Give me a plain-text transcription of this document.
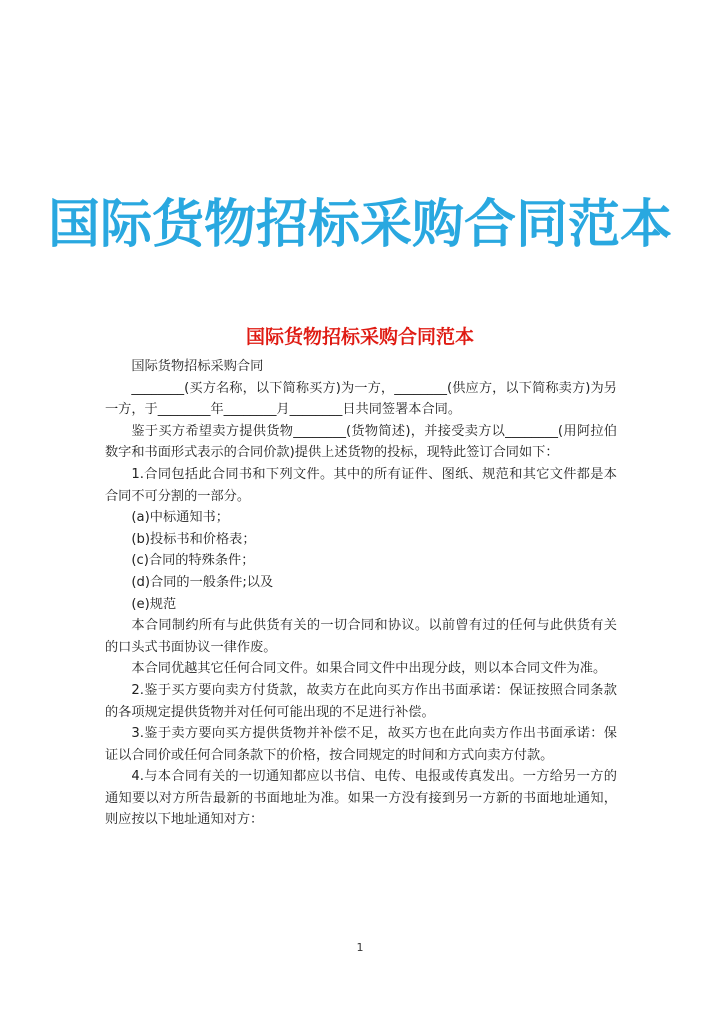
国际货物招标采购合同范本
国际货物招标采购合同范本

国际货物招标采购合同

________(买方名称，以下简称买方)为一方，________(供应方，以下简称卖方)为另一方，于________年________月________日共同签署本合同。

鉴于买方希望卖方提供货物________(货物简述)，并接受卖方以________(用阿拉伯数字和书面形式表示的合同价款)提供上述货物的投标，现特此签订合同如下：

1.合同包括此合同书和下列文件。其中的所有证件、图纸、规范和其它文件都是本合同不可分割的一部分。

(a)中标通知书；

(b)投标书和价格表；

(c)合同的特殊条件；

(d)合同的一般条件;以及

(e)规范

本合同制约所有与此供货有关的一切合同和协议。以前曾有过的任何与此供货有关的口头式书面协议一律作废。

本合同优越其它任何合同文件。如果合同文件中出现分歧，则以本合同文件为准。

2.鉴于买方要向卖方付货款，故卖方在此向买方作出书面承诺：保证按照合同条款的各项规定提供货物并对任何可能出现的不足进行补偿。

3.鉴于卖方要向买方提供货物并补偿不足，故买方也在此向卖方作出书面承诺：保证以合同价或任何合同条款下的价格，按合同规定的时间和方式向卖方付款。

4.与本合同有关的一切通知都应以书信、电传、电报或传真发出。一方给另一方的通知要以对方所告最新的书面地址为准。如果一方没有接到另一方新的书面地址通知，则应按以下地址通知对方：

1
